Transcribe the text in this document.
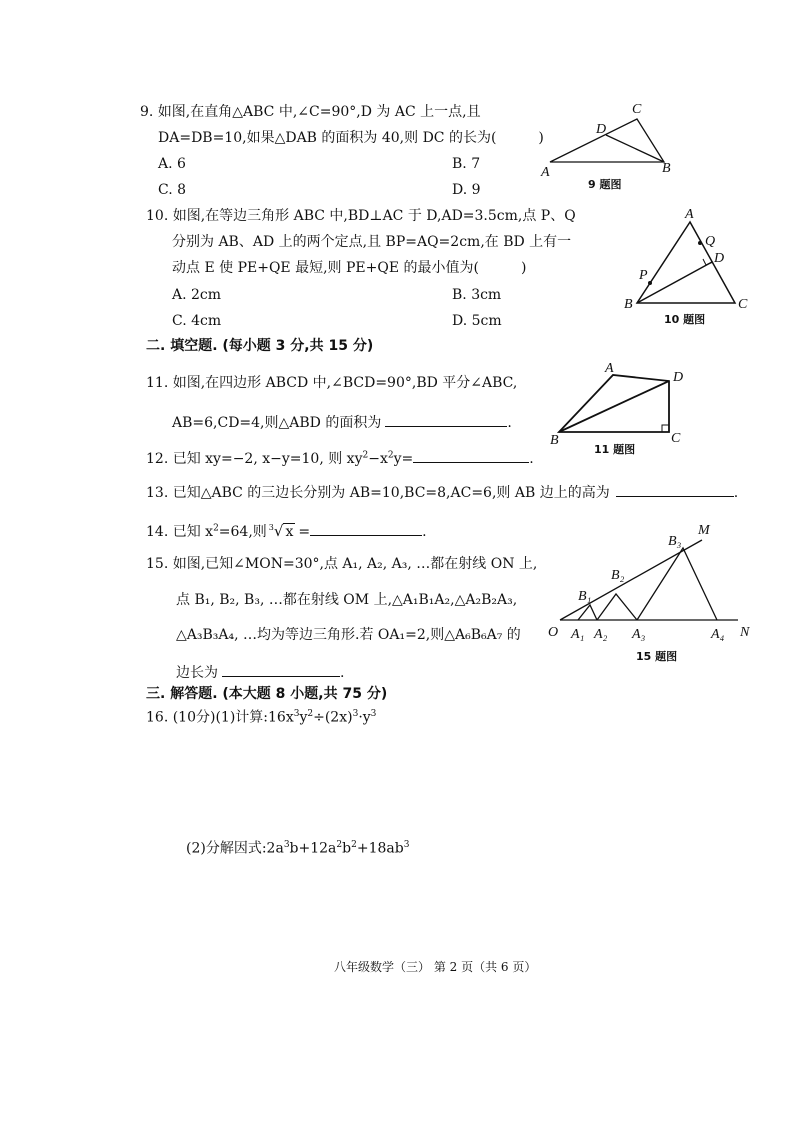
9. 如图,在直角△ABC 中,∠C=90°,D 为 AC 上一点,且
DA=DB=10,如果△DAB 的面积为 40,则 DC 的长为(　　　)
A. 6	B. 7
C. 8	D. 9
A	B
C
D
9 题图
10. 如图,在等边三角形 ABC 中,BD⊥AC 于 D,AD=3.5cm,点 P、Q
分别为 AB、AD 上的两个定点,且 BP=AQ=2cm,在 BD 上有一
动点 E 使 PE+QE 最短,则 PE+QE 的最小值为(　　　)
A. 2cm	B. 3cm
C. 4cm	D. 5cm
A
B	C
D
P
Q
10 题图
二. 填空题. (每小题 3 分,共 15 分)
11. 如图,在四边形 ABCD 中,∠BCD=90°,BD 平分∠ABC,
AB=6,CD=4,则△ABD 的面积为	.
A
B	C
D
11 题图
12. 已知 xy=−2, x−y=10, 则 $xy^2-x^2y=$	.
13. 已知△ABC 的三边长分别为 AB=10,BC=8,AC=6,则 AB 边上的高为	.
14. 已知 $x^2=64$,则 $^3$√ x =	.
15. 如图,已知∠MON=30°,点 A₁, A₂, A₃, …都在射线 ON 上,
点 B₁, B₂, B₃, …都在射线 OM 上,△A₁B₁A₂,△A₂B₂A₃,
△A₃B₃A₄, …均为等边三角形.若 OA₁=2,则△A₆B₆A₇ 的
边长为	.
O	N
M
A₁ A₂ A₃	A₄
B₁
B₂
B₃
15 题图
三. 解答题. (本大题 8 小题,共 75 分)
16. (10分)(1)计算$:16x^3y^2\div(2x)^3\cdot y^3$
(2)分解因式$:2a^3b+12a^2b^2+18ab^3$
八年级数学（三） 第 2 页（共 6 页）
